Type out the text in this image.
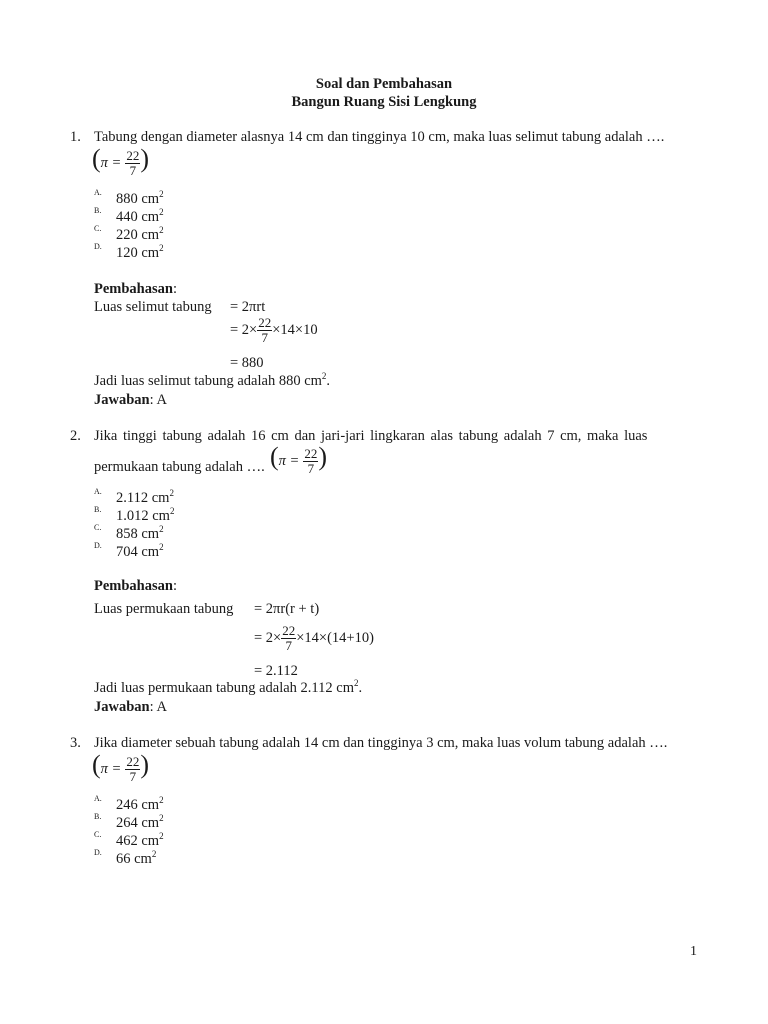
Soal dan Pembahasan
Bangun Ruang Sisi Lengkung
1. Tabung dengan diameter alasnya 14 cm dan tingginya 10 cm, maka luas selimut tabung adalah ….
($\pi = \frac{22}{7}$ )
A. 880 $cm^2$
B. 440 $cm^2$
C. 220 $cm^2$
D. 120 $cm^2$
Pembahasan:
Luas selimut tabung = 2πrt
= $2\times \frac{22}{7} \times 14\times 10$
= 880
Jadi luas selimut tabung adalah 880 $cm^2$.
Jawaban: A
2. Jika tinggi tabung adalah 16 cm dan jari-jari lingkaran alas tabung adalah 7 cm, maka luas
permukaan tabung adalah …. ($\pi = \frac{22}{7}$ )
A. 2.112 $cm^2$
B. 1.012 $cm^2$
C. 858 $cm^2$
D. 704 $cm^2$
Pembahasan:
Luas permukaan tabung = 2πr(r + t)
= $2\times \frac{22}{7} \times 14\times(14+10)$
= 2.112
Jadi luas permukaan tabung adalah 2.112 $cm^2$.
Jawaban: A
3. Jika diameter sebuah tabung adalah 14 cm dan tingginya 3 cm, maka luas volum tabung adalah ….
($\pi = \frac{22}{7}$ )
A. 246 $cm^2$
B. 264 $cm^2$
C. 462 $cm^2$
D. 66 $cm^2$
1
